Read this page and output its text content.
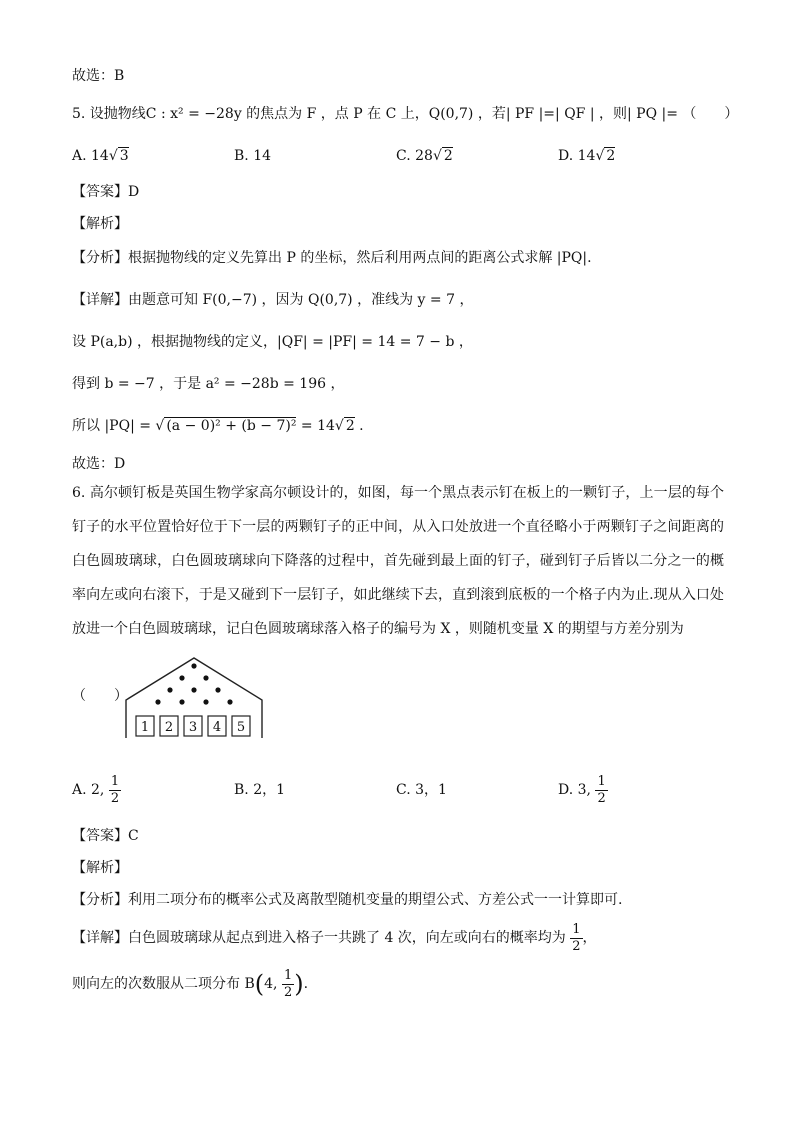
故选：B
5. 设抛物线C : x² = −28y 的焦点为 F ，点 P 在 C 上，Q(0,7) ，若| PF |=| QF | ，则| PQ |= （　　）
A. 14√ 3	B. 14	C. 28√ 2	D. 14√ 2
【答案】D
【解析】
【分析】根据抛物线的定义先算出 P 的坐标，然后利用两点间的距离公式求解 |PQ|.
【详解】由题意可知 F(0,−7) ，因为 Q(0,7) ，准线为 y = 7 ，
设 P(a,b) ，根据抛物线的定义，|QF| = |PF| = 14 = 7 − b ，
得到 b = −7 ，于是 a² = −28b = 196 ，
所以 |PQ| = √ (a − 0)² + (b − 7)² = 14√ 2 .
故选：D
6. 高尔顿钉板是英国生物学家高尔顿设计的，如图，每一个黑点表示钉在板上的一颗钉子，上一层的每个钉子的水平位置恰好位于下一层的两颗钉子的正中间，从入口处放进一个直径略小于两颗钉子之间距离的白色圆玻璃球，白色圆玻璃球向下降落的过程中，首先碰到最上面的钉子，碰到钉子后皆以二分之一的概率向左或向右滚下，于是又碰到下一层钉子，如此继续下去，直到滚到底板的一个格子内为止.现从入口处放进一个白色圆玻璃球，记白色圆玻璃球落入格子的编号为 X ，则随机变量 X 的期望与方差分别为
（　　）
1 2 3 4 5
A. 2, $\frac{1}{2}$	B. 2，1	C. 3，1	D. 3, $\frac{1}{2}$
【答案】C
【解析】
【分析】利用二项分布的概率公式及离散型随机变量的期望公式、方差公式一一计算即可.
【详解】白色圆玻璃球从起点到进入格子一共跳了 4 次，向左或向右的概率均为 $\frac{1}{2}$ ，
则向左的次数服从二项分布 B(4, $\frac{1}{2}$ ).
